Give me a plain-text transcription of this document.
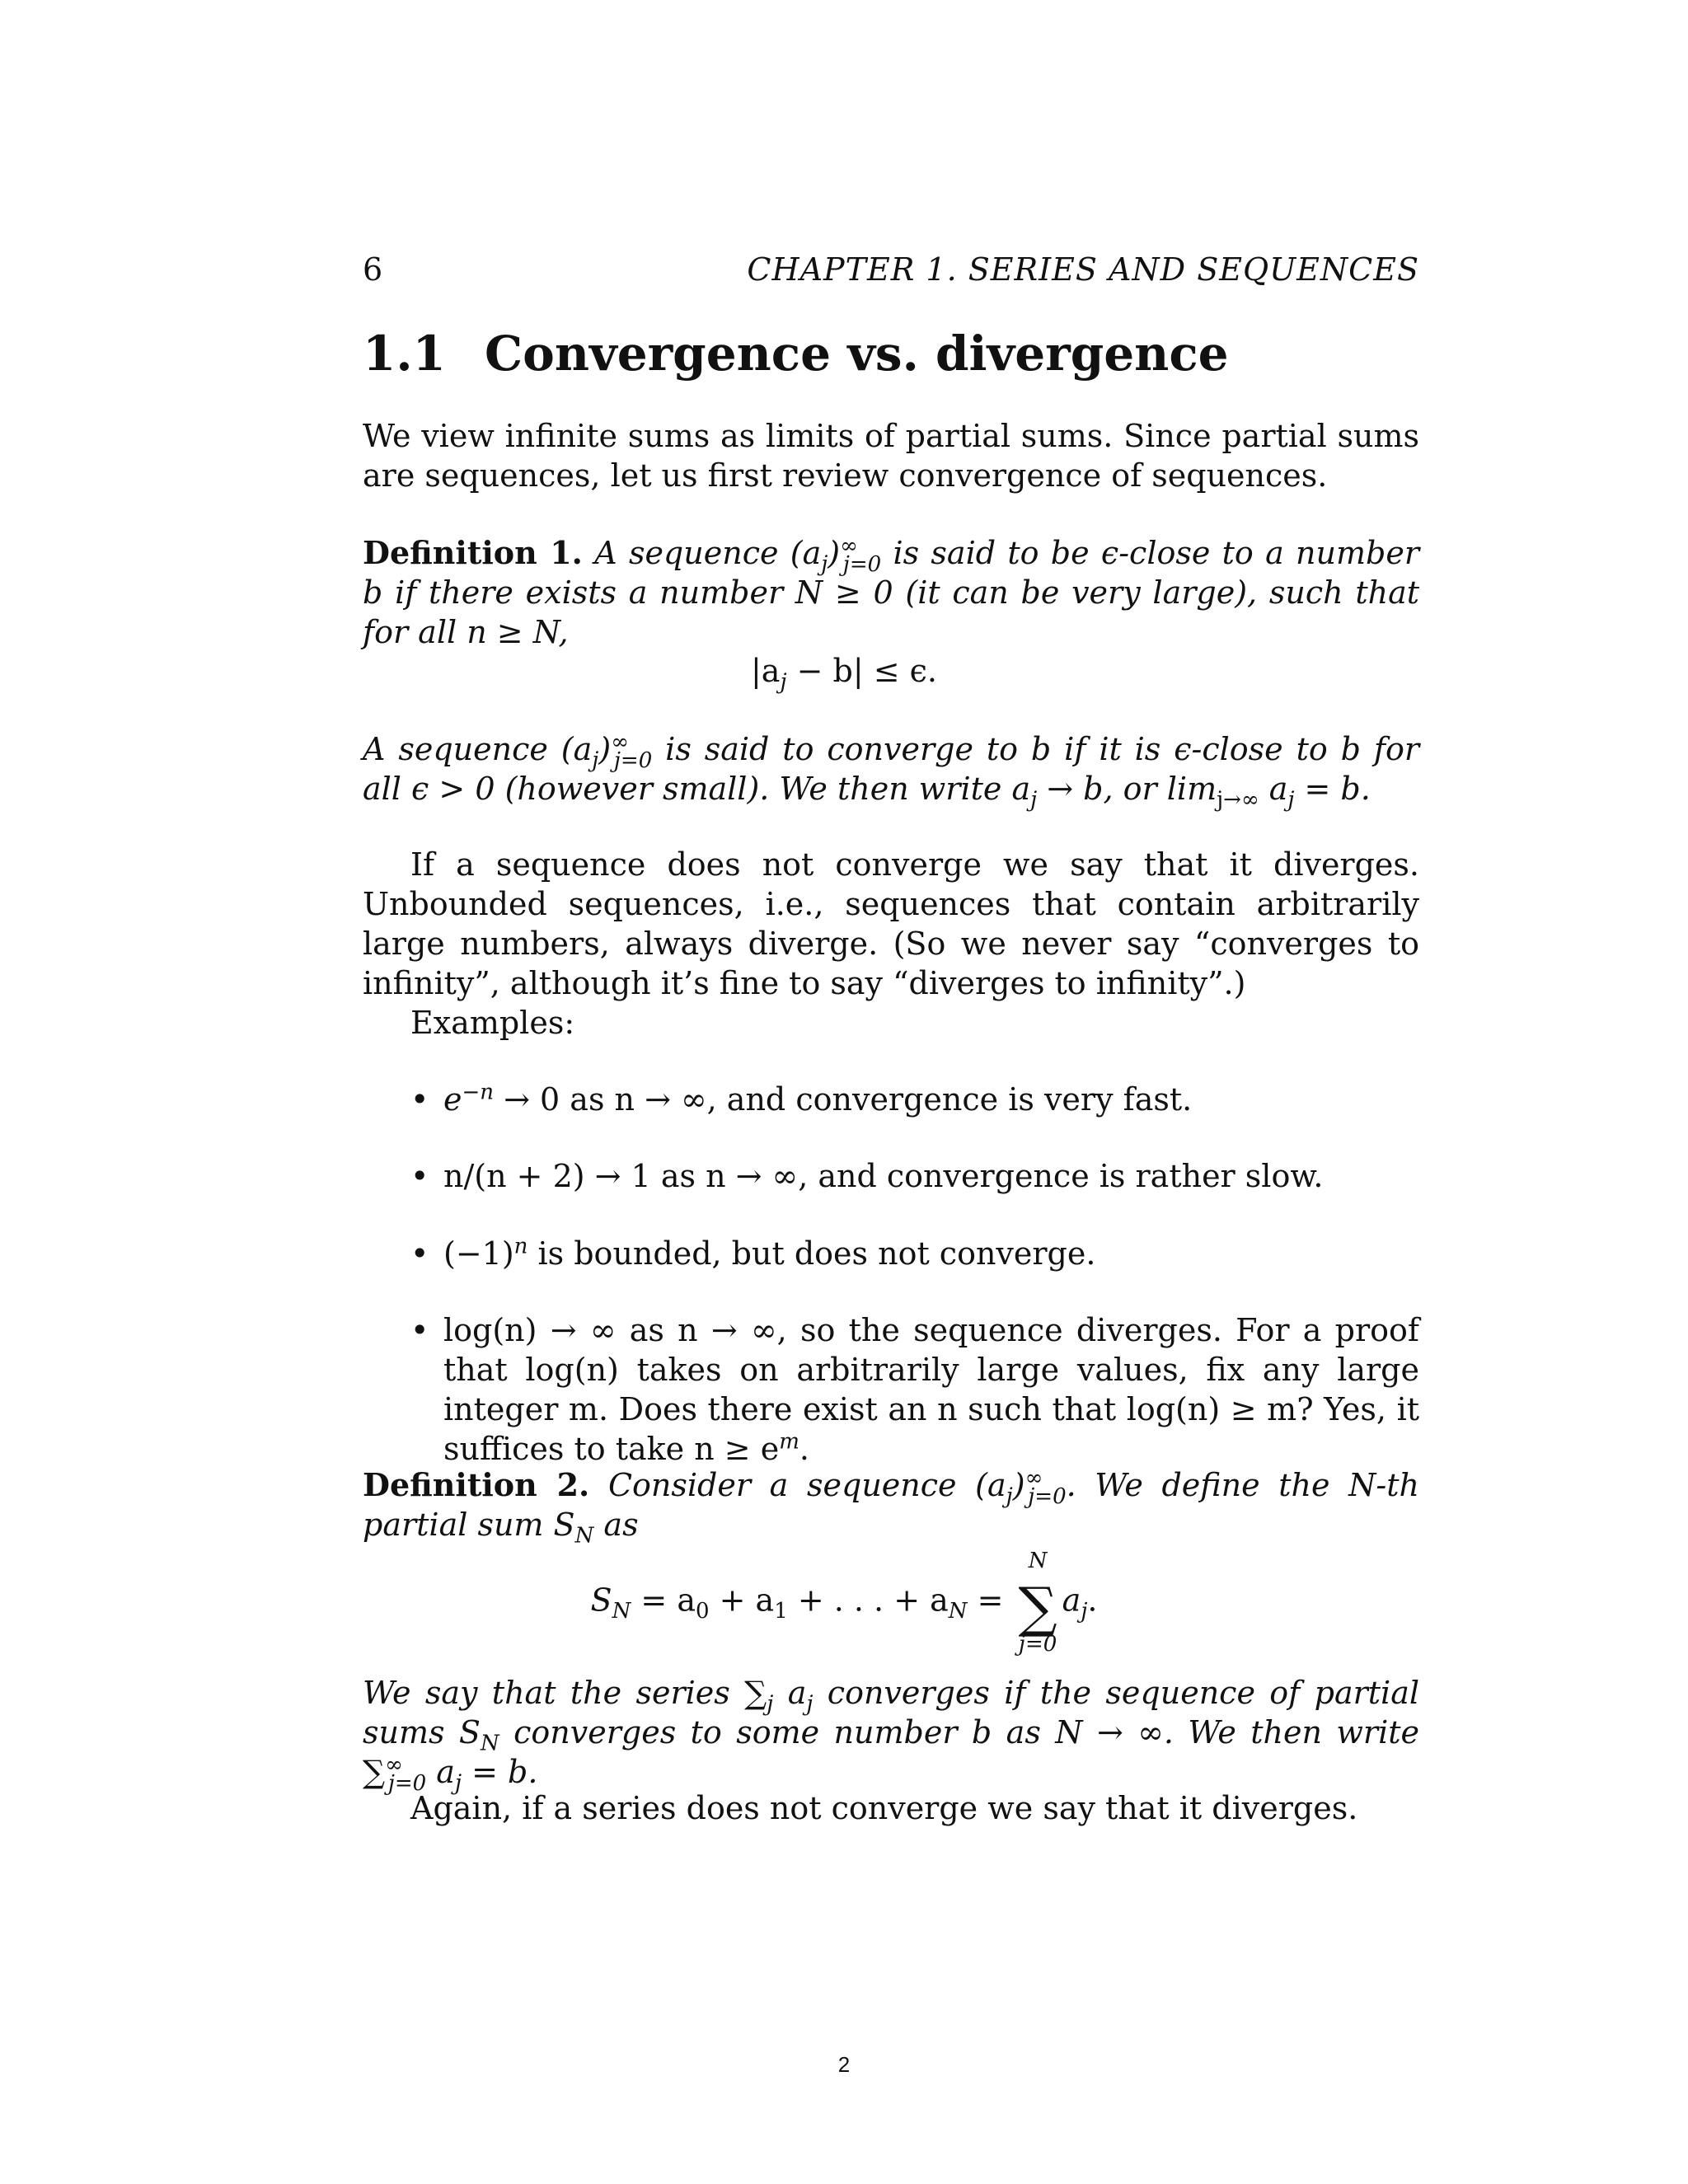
6	CHAPTER 1. SERIES AND SEQUENCES
1.1 Convergence vs. divergence
We view infinite sums as limits of partial sums. Since partial sums are sequences, let us first review convergence of sequences.
Definition 1. A sequence $(a_j)^\infty_{j=0}$ is said to be ϵ-close to a number b if there exists a number N ≥ 0 (it can be very large), such that for all n ≥ N,
$|a_j - b| \le \epsilon$.
A sequence $(a_j)^\infty_{j=0}$ is said to converge to b if it is ϵ-close to b for all ϵ > 0 (however small). We then write $a_j \to b$, or $\lim_{j\to\infty} a_j = b$.
If a sequence does not converge we say that it diverges. Unbounded sequences, i.e., sequences that contain arbitrarily large numbers, always diverge. (So we never say “converges to infinity”, although it’s fine to say “diverges to infinity”.)
Examples:
• $e^{-n} \to 0$ as n → ∞, and convergence is very fast.
• n/(n + 2) → 1 as n → ∞, and convergence is rather slow.
• $(-1)^n$ is bounded, but does not converge.
• log(n) → ∞ as n → ∞, so the sequence diverges. For a proof that log(n) takes on arbitrarily large values, fix any large integer m. Does there exist an n such that log(n) ≥ m? Yes, it suffices to take $n \ge e^m$.
Definition 2. Consider a sequence $(a_j)^\infty_{j=0}$. We define the N-th partial sum $S_N$ as
$S_N = a_0 + a_1$ + . . . + $a_N$ =
N
∑
j=0
$a_j$.
We say that the series $\sum_j$ $a_j$ converges if the sequence of partial sums $S_N$ converges to some number b as N → ∞. We then write $\sum^\infty_{j=0}$ $a_j = b$.
Again, if a series does not converge we say that it diverges.
2
